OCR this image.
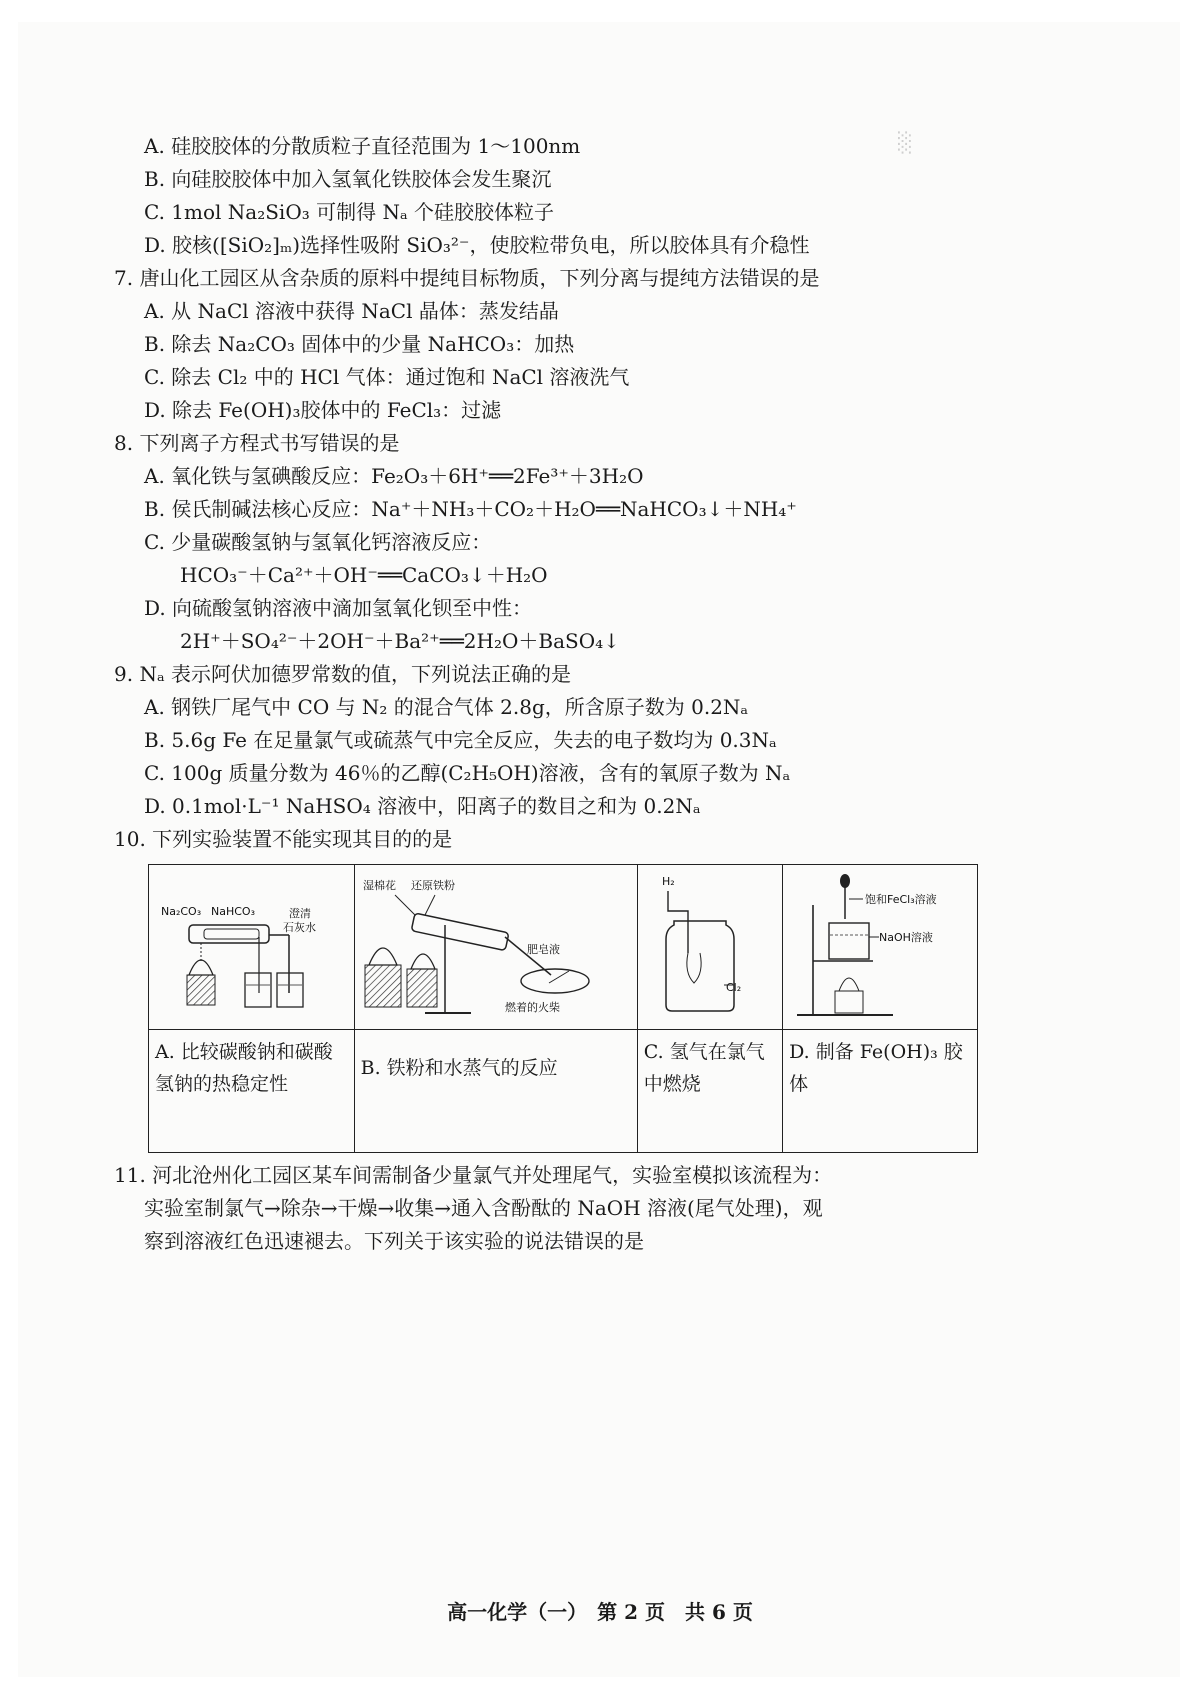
A. 硅胶胶体的分散质粒子直径范围为 1～100nm
B. 向硅胶胶体中加入氢氧化铁胶体会发生聚沉
C. 1mol Na₂SiO₃ 可制得 Nₐ 个硅胶胶体粒子
D. 胶核([SiO₂]ₘ)选择性吸附 SiO₃²⁻，使胶粒带负电，所以胶体具有介稳性
7. 唐山化工园区从含杂质的原料中提纯目标物质，下列分离与提纯方法错误的是
A. 从 NaCl 溶液中获得 NaCl 晶体：蒸发结晶
B. 除去 Na₂CO₃ 固体中的少量 NaHCO₃：加热
C. 除去 Cl₂ 中的 HCl 气体：通过饱和 NaCl 溶液洗气
D. 除去 Fe(OH)₃胶体中的 FeCl₃：过滤
8. 下列离子方程式书写错误的是
A. 氧化铁与氢碘酸反应：Fe₂O₃＋6H⁺══2Fe³⁺＋3H₂O
B. 侯氏制碱法核心反应：Na⁺＋NH₃＋CO₂＋H₂O══NaHCO₃↓＋NH₄⁺
C. 少量碳酸氢钠与氢氧化钙溶液反应：
HCO₃⁻＋Ca²⁺＋OH⁻══CaCO₃↓＋H₂O
D. 向硫酸氢钠溶液中滴加氢氧化钡至中性：
2H⁺＋SO₄²⁻＋2OH⁻＋Ba²⁺══2H₂O＋BaSO₄↓
9. Nₐ 表示阿伏加德罗常数的值，下列说法正确的是
A. 钢铁厂尾气中 CO 与 N₂ 的混合气体 2.8g，所含原子数为 0.2Nₐ
B. 5.6g Fe 在足量氯气或硫蒸气中完全反应，失去的电子数均为 0.3Nₐ
C. 100g 质量分数为 46％的乙醇(C₂H₅OH)溶液，含有的氧原子数为 Nₐ
D. 0.1mol·L⁻¹ NaHSO₄ 溶液中，阳离子的数目之和为 0.2Nₐ
10. 下列实验装置不能实现其目的的是
Na₂CO₃ NaHCO₃ 澄清
石灰水	湿棉花 还原铁粉
肥皂液
燃着的火柴	H₂
Cl₂	饱和FeCl₃溶液
NaOH溶液

A. 比较碳酸钠和碳酸氢钠的热稳定性	B. 铁粉和水蒸气的反应	C. 氢气在氯气中燃烧	D. 制备 Fe(OH)₃ 胶体
11. 河北沧州化工园区某车间需制备少量氯气并处理尾气，实验室模拟该流程为：
实验室制氯气→除杂→干燥→收集→通入含酚酞的 NaOH 溶液(尾气处理)，观
察到溶液红色迅速褪去。下列关于该实验的说法错误的是
░
高一化学（一）　第 2 页　共 6 页
